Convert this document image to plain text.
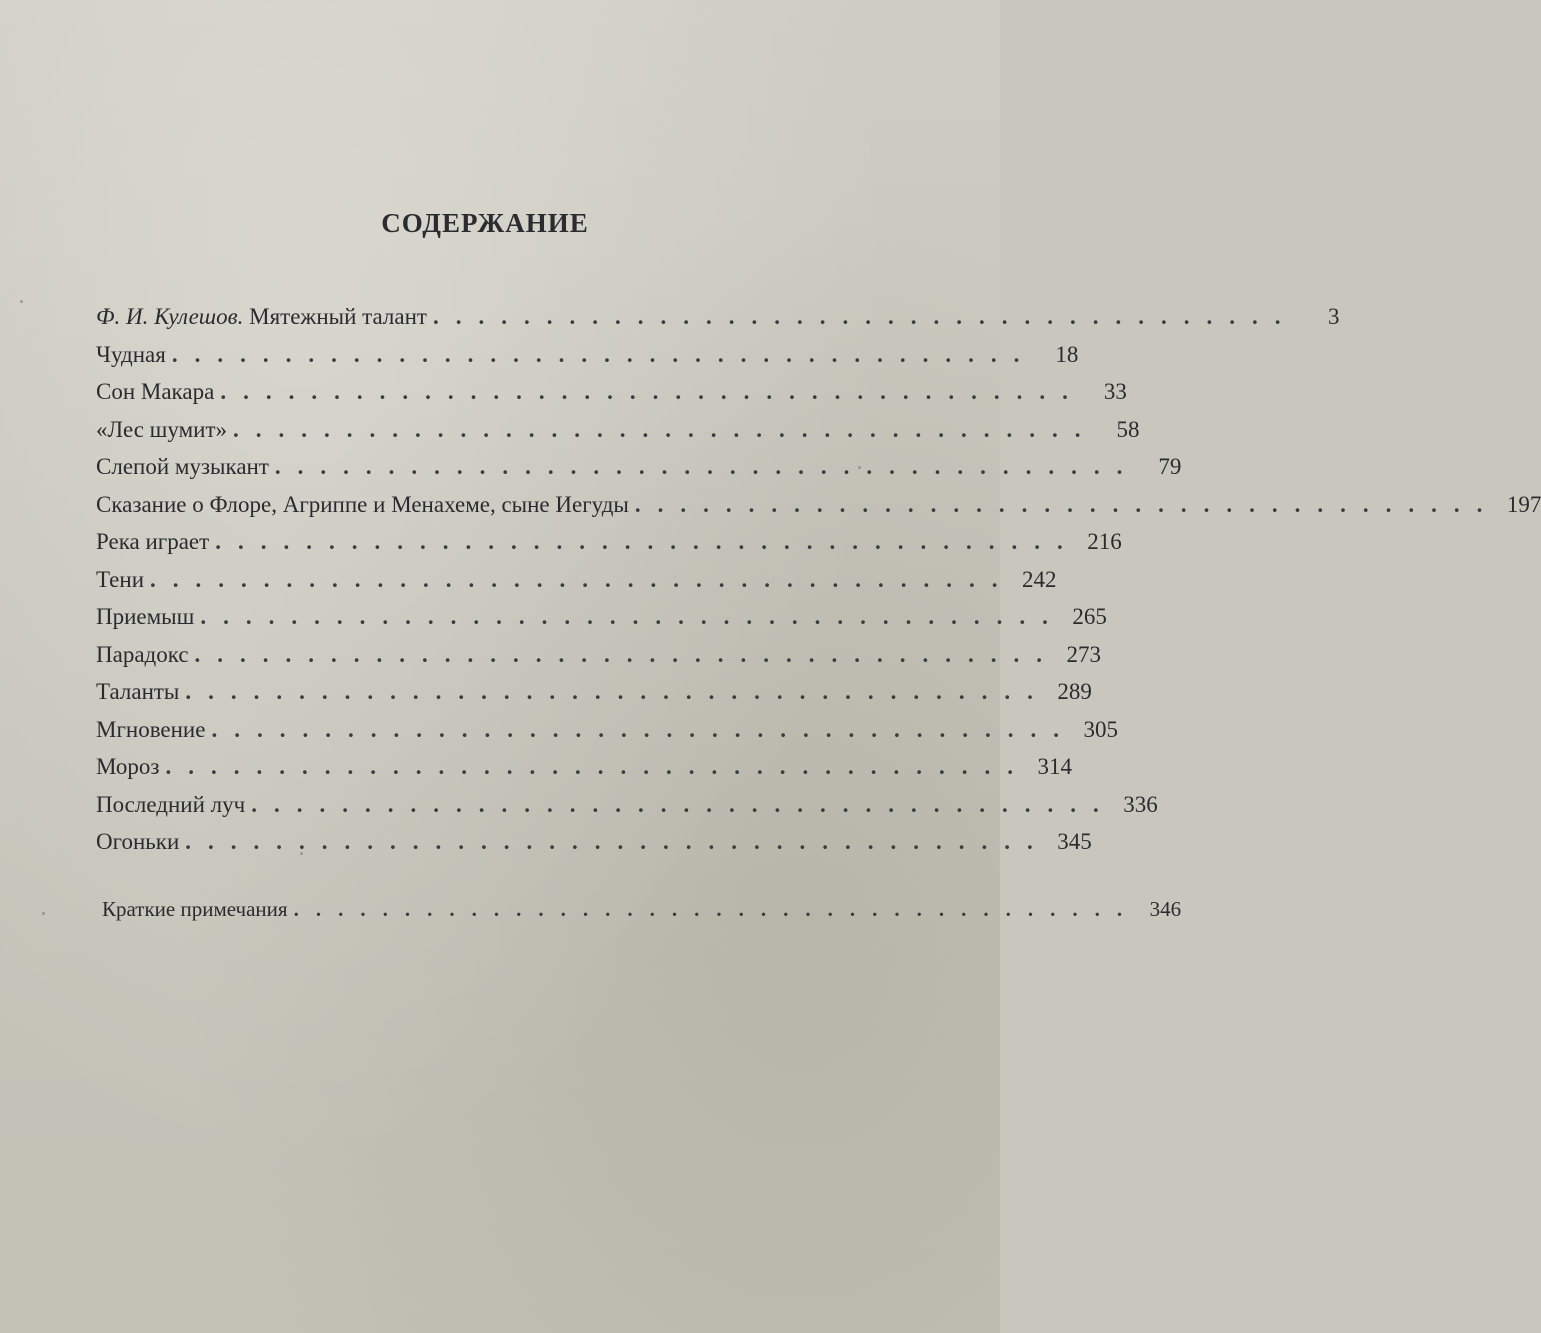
СОДЕРЖАНИЕ
Ф. И. Кулешов. Мятежный талант ......................................	3
Чудная ...................................... 18
Сон Макара ...................................... 33
«Лес шумит» ...................................... 58
Слепой музыкант ...................................... 79
Сказание о Флоре, Агриппе и Менахеме, сыне Иегуды ...................................... 197
Река играет ...................................... 216
Тени ...................................... 242
Приемыш ...................................... 265
Парадокс ...................................... 273
Таланты ...................................... 289
Мгновение ...................................... 305
Мороз ...................................... 314
Последний луч ...................................... 336
Огоньки ...................................... 345
Краткие примечания ...................................... 346
